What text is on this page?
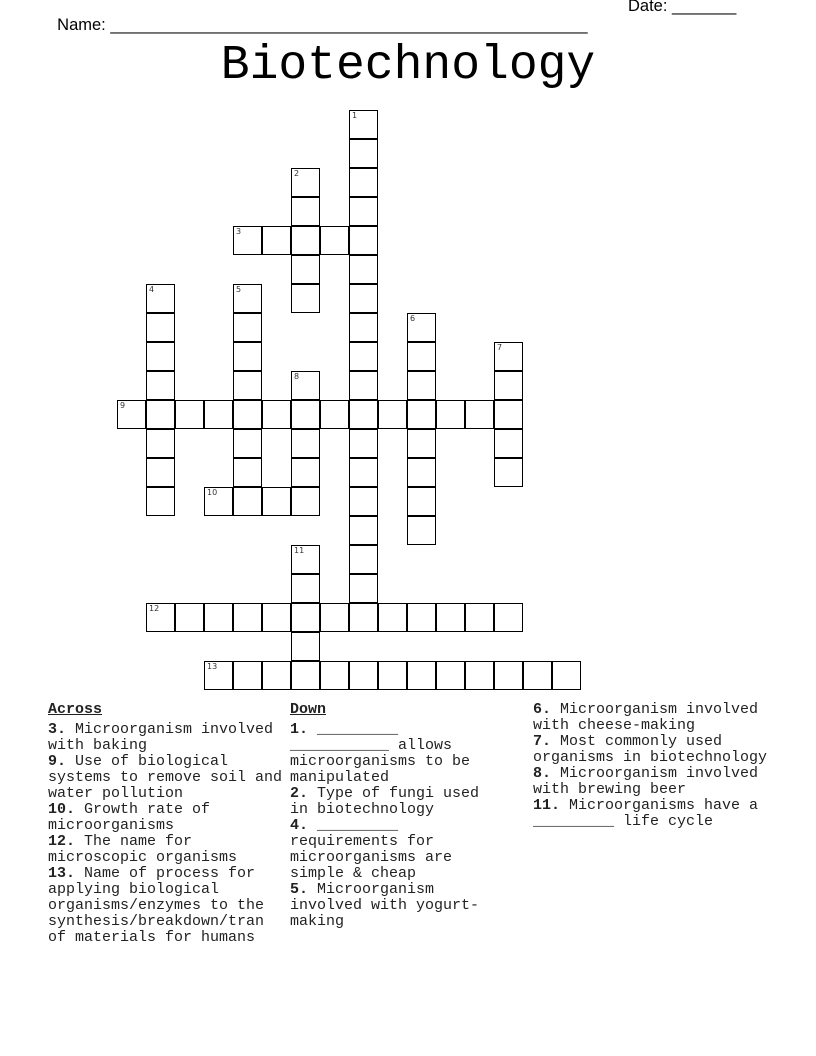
Name: ____________________________________________________

Date: _______

Biotechnology
1
2
3
4	5
6
7
8
9
10
11
12
13
Across
3. Microorganism involved with baking
9. Use of biological systems to remove soil and water pollution
10. Growth rate of microorganisms
12. The name for microscopic organisms
13. Name of process for applying biological organisms/enzymes to the synthesis/breakdown/tran of materials for humans
Down
1. _________ ___________ allows microorganisms to be manipulated
2. Type of fungi used in biotechnology
4. _________ requirements for microorganisms are simple & cheap
5. Microorganism involved with yogurt-making
6. Microorganism involved with cheese-making
7. Most commonly used organisms in biotechnology
8. Microorganism involved with brewing beer
11. Microorganisms have a _________ life cycle
